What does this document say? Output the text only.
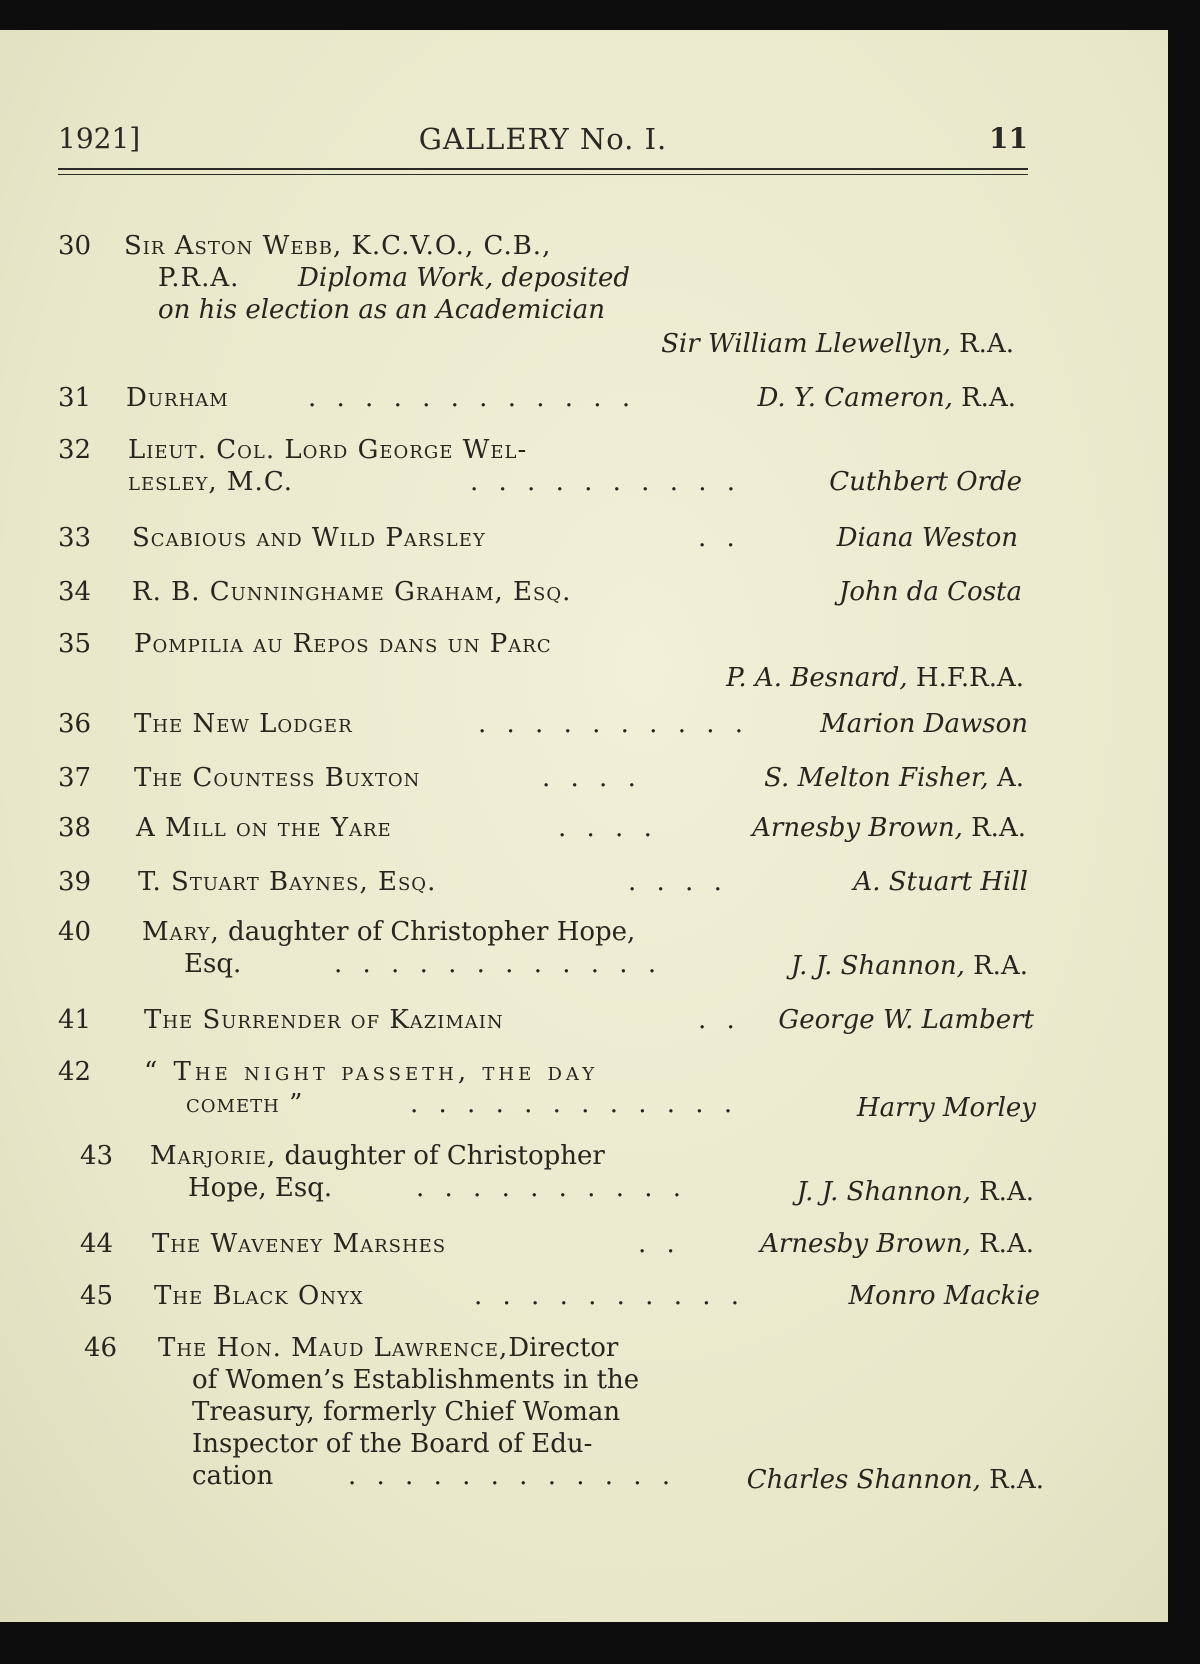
1921]	GALLERY No. I.	11
30 Sir Aston Webb, K.C.V.O., C.B.,
P.R.A. Diploma Work, deposited
on his election as an Academician
Sir William Llewellyn, R.A.
31 Durham	. . . . . . . . . . . .	D. Y. Cameron, R.A.
32 Lieut. Col. Lord George Wel-
lesley, M.C.	. . . . . . . . . .	Cuthbert Orde
33 Scabious and Wild Parsley	. .	Diana Weston
34 R. B. Cunninghame Graham, Esq.	John da Costa
35 Pompilia au Repos dans un Parc
P. A. Besnard, H.F.R.A.
36 The New Lodger	. . . . . . . . . .	Marion Dawson
37 The Countess Buxton	. . . .	S. Melton Fisher, A.
38 A Mill on the Yare	. . . .	Arnesby Brown, R.A.
39 T. Stuart Baynes, Esq.	. . . .	A. Stuart Hill
40 Mary, daughter of Christopher Hope,
Esq.	. . . . . . . . . . . .	J. J. Shannon, R.A.
41 The Surrender of Kazimain	. . George W. Lambert
42 “ The night passeth, the day
cometh ”	. . . . . . . . . . . .	Harry Morley
43 Marjorie, daughter of Christopher
Hope, Esq.	. . . . . . . . . .	J. J. Shannon, R.A.
44 The Waveney Marshes	. .	Arnesby Brown, R.A.
45 The Black Onyx	. . . . . . . . . .	Monro Mackie
46 The Hon. Maud Lawrence,Director
of Women’s Establishments in the
Treasury, formerly Chief Woman
Inspector of the Board of Edu-
cation	. . . . . . . . . . . .	Charles Shannon, R.A.
